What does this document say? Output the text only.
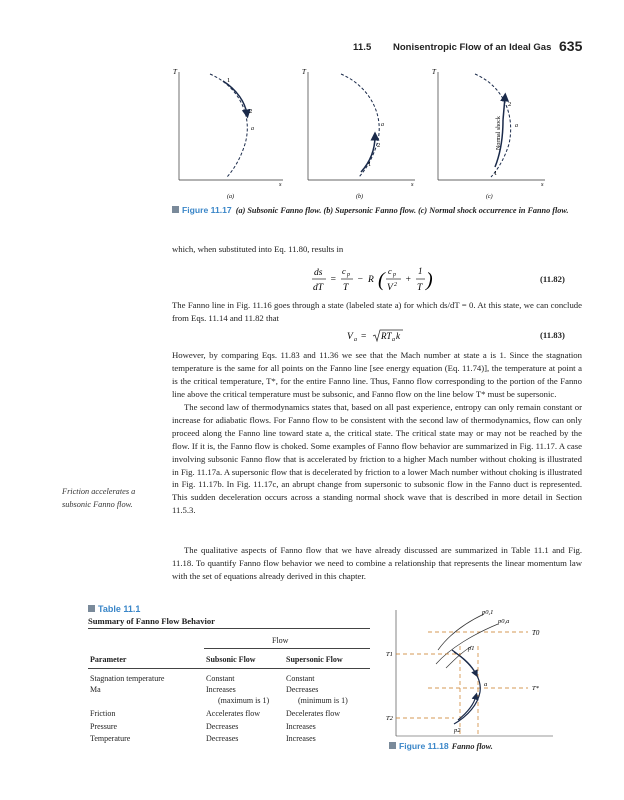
11.5 Nonisentropic Flow of an Ideal Gas 635
T
s
1
2
a
(a)
T
s
a
2
1
(b)
T
s
2
a
1
Normal shock
(c)
Figure 11.17 (a) Subsonic Fanno flow. (b) Supersonic Fanno flow. (c) Normal shock occurrence in Fanno flow.
which, when substituted into Eq. 11.80, results in
ds
dT
=
c p
T
− R ( c p
V 2 +
1
T )	(11.82)
The Fanno line in Fig. 11.16 goes through a state (labeled state a) for which ds/dT = 0. At this state, we can conclude from Eqs. 11.14 and 11.82 that
V a = RT a k	(11.83)
However, by comparing Eqs. 11.83 and 11.36 we see that the Mach number at state a is 1. Since the stagnation temperature is the same for all points on the Fanno line [see energy equation (Eq. 11.74)], the temperature at point a is the critical temperature, T*, for the entire Fanno line. Thus, Fanno flow corresponding to the portion of the Fanno line above the critical temperature must be subsonic, and Fanno flow on the line below T* must be supersonic.
The second law of thermodynamics states that, based on all past experience, entropy can only remain constant or increase for adiabatic flows. For Fanno flow to be consistent with the second law of thermodynamics, flow can only proceed along the Fanno line toward state a, the critical state. The critical state may or may not be reached by the flow. If it is, the Fanno flow is choked. Some examples of Fanno flow behavior are summarized in Fig. 11.17. A case involving subsonic Fanno flow that is accelerated by friction to a higher Mach number without choking is illustrated in Fig. 11.17a. A supersonic flow that is decelerated by friction to a lower Mach number without choking is illustrated in Fig. 11.17b. In Fig. 11.17c, an abrupt change from supersonic to subsonic flow in the Fanno duct is represented. This sudden deceleration occurs across a standing normal shock wave that is described in more detail in Section 11.5.3.
The qualitative aspects of Fanno flow that we have already discussed are summarized in Table 11.1 and Fig. 11.18. To quantify Fanno flow behavior we need to combine a relationship that represents the linear momentum law with the set of equations already derived in this chapter.
Friction accelerates a subsonic Fanno flow.
Table 11.1
Summary of Fanno Flow Behavior
Flow
Parameter	Subsonic Flow	Supersonic Flow
Stagnation temperature	Constant	Constant
Ma	Increases	Decreases
(maximum is 1)	(minimum is 1)
Friction	Accelerates flow	Decelerates flow
Pressure	Decreases	Increases
Temperature	Decreases	Increases
T0
p0,1
p0,a
T1
p1
T*
a
T2
p2
Figure 11.18 Fanno flow.
